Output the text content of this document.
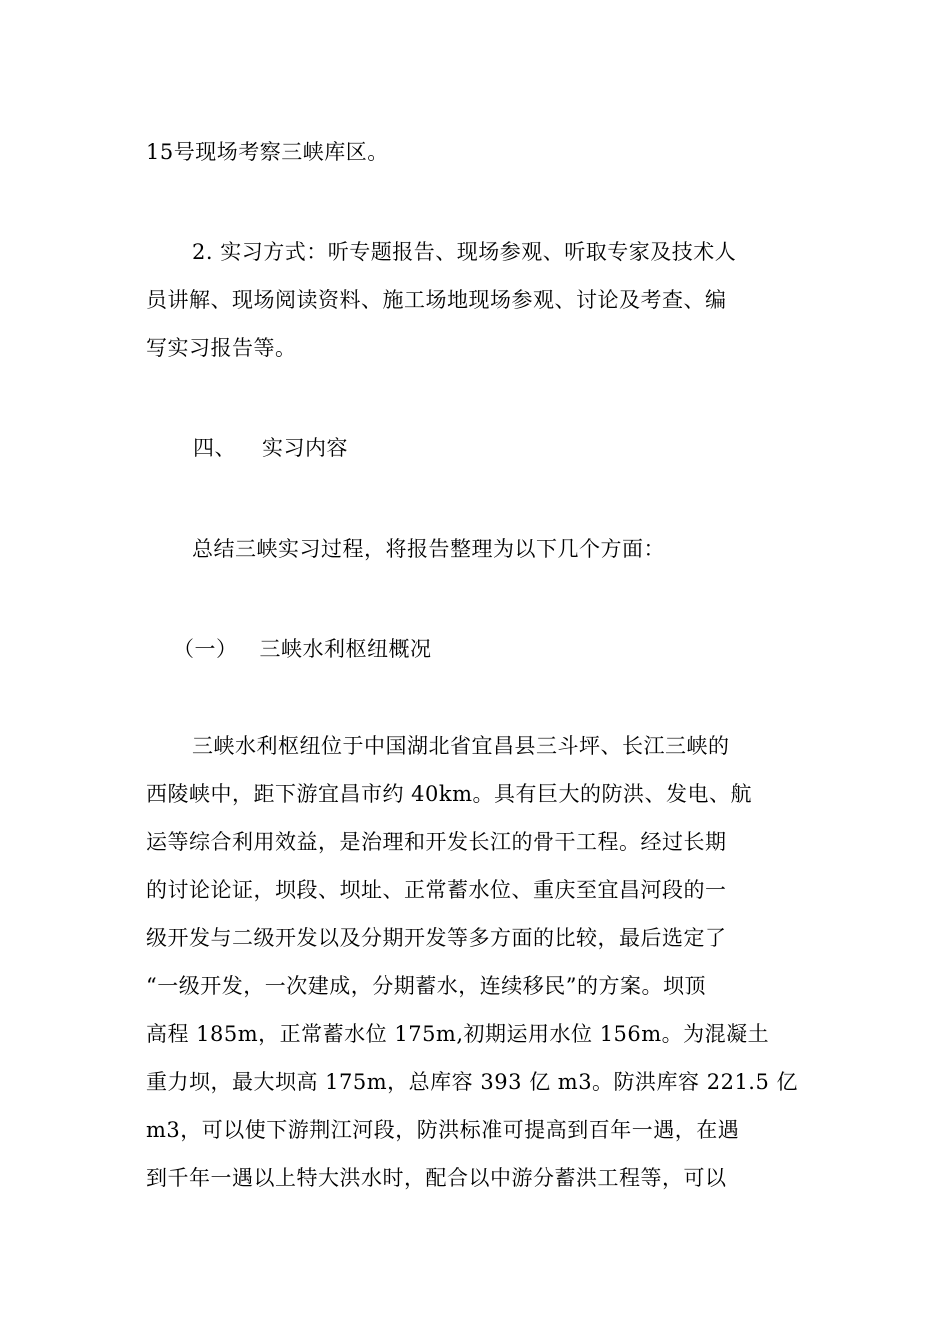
15号现场考察三峡库区。

2. 实习方式：听专题报告、现场参观、听取专家及技术人
员讲解、现场阅读资料、施工场地现场参观、讨论及考查、编
写实习报告等。

四、 实习内容

总结三峡实习过程，将报告整理为以下几个方面：

（一） 三峡水利枢纽概况

三峡水利枢纽位于中国湖北省宜昌县三斗坪、长江三峡的
西陵峡中，距下游宜昌市约 40km。具有巨大的防洪、发电、航
运等综合利用效益，是治理和开发长江的骨干工程。经过长期
的讨论论证，坝段、坝址、正常蓄水位、重庆至宜昌河段的一
级开发与二级开发以及分期开发等多方面的比较，最后选定了
“一级开发，一次建成，分期蓄水，连续移民”的方案。坝顶
高程 185m，正常蓄水位 175m,初期运用水位 156m。为混凝土
重力坝，最大坝高 175m，总库容 393 亿 m3。防洪库容 221.5 亿
m3，可以使下游荆江河段，防洪标准可提高到百年一遇，在遇
到千年一遇以上特大洪水时，配合以中游分蓄洪工程等，可以
